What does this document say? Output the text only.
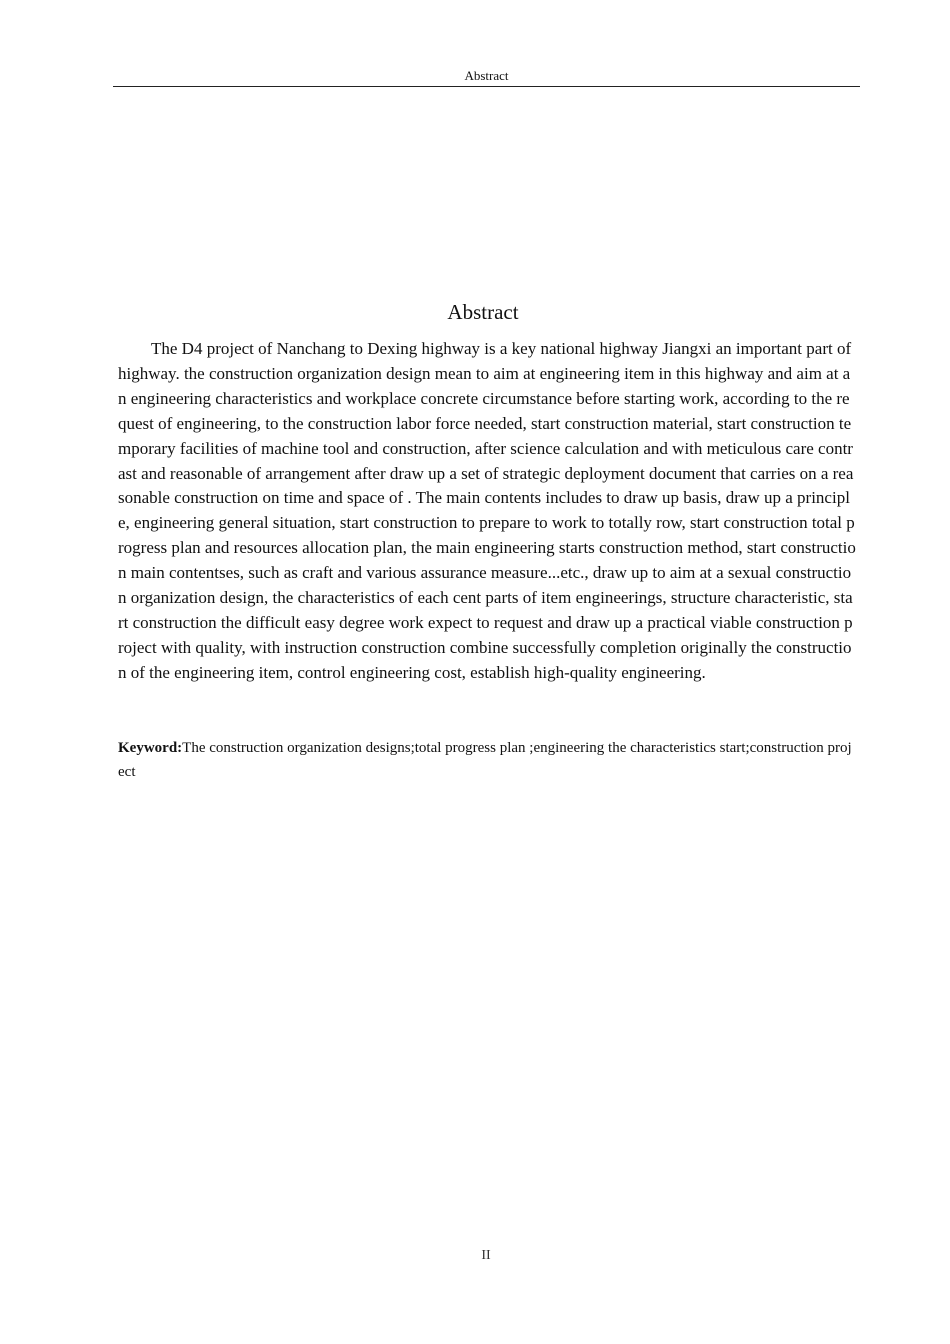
Abstract
Abstract

The D4 project of Nanchang to Dexing highway is a key national highway Jiangxi an important part of highway. the construction organization design mean to aim at engineering item in this highway and aim at an engineering characteristics and workplace concrete circumstance before starting work, according to the request of engineering, to the construction labor force needed, start construction material, start construction temporary facilities of machine tool and construction, after science calculation and with meticulous care contrast and reasonable of arrangement after draw up a set of strategic deployment document that carries on a reasonable construction on time and space of . The main contents includes to draw up basis, draw up a principle, engineering general situation, start construction to prepare to work to totally row, start construction total progress plan and resources allocation plan, the main engineering starts construction method, start construction main contentses, such as craft and various assurance measure...etc., draw up to aim at a sexual construction organization design, the characteristics of each cent parts of item engineerings, structure characteristic, start construction the difficult easy degree work expect to request and draw up a practical viable construction project with quality, with instruction construction combine successfully completion originally the construction of the engineering item, control engineering cost, establish high-quality engineering.

Keyword:The construction organization designs;total progress plan ;engineering the characteristics start;construction project

II
